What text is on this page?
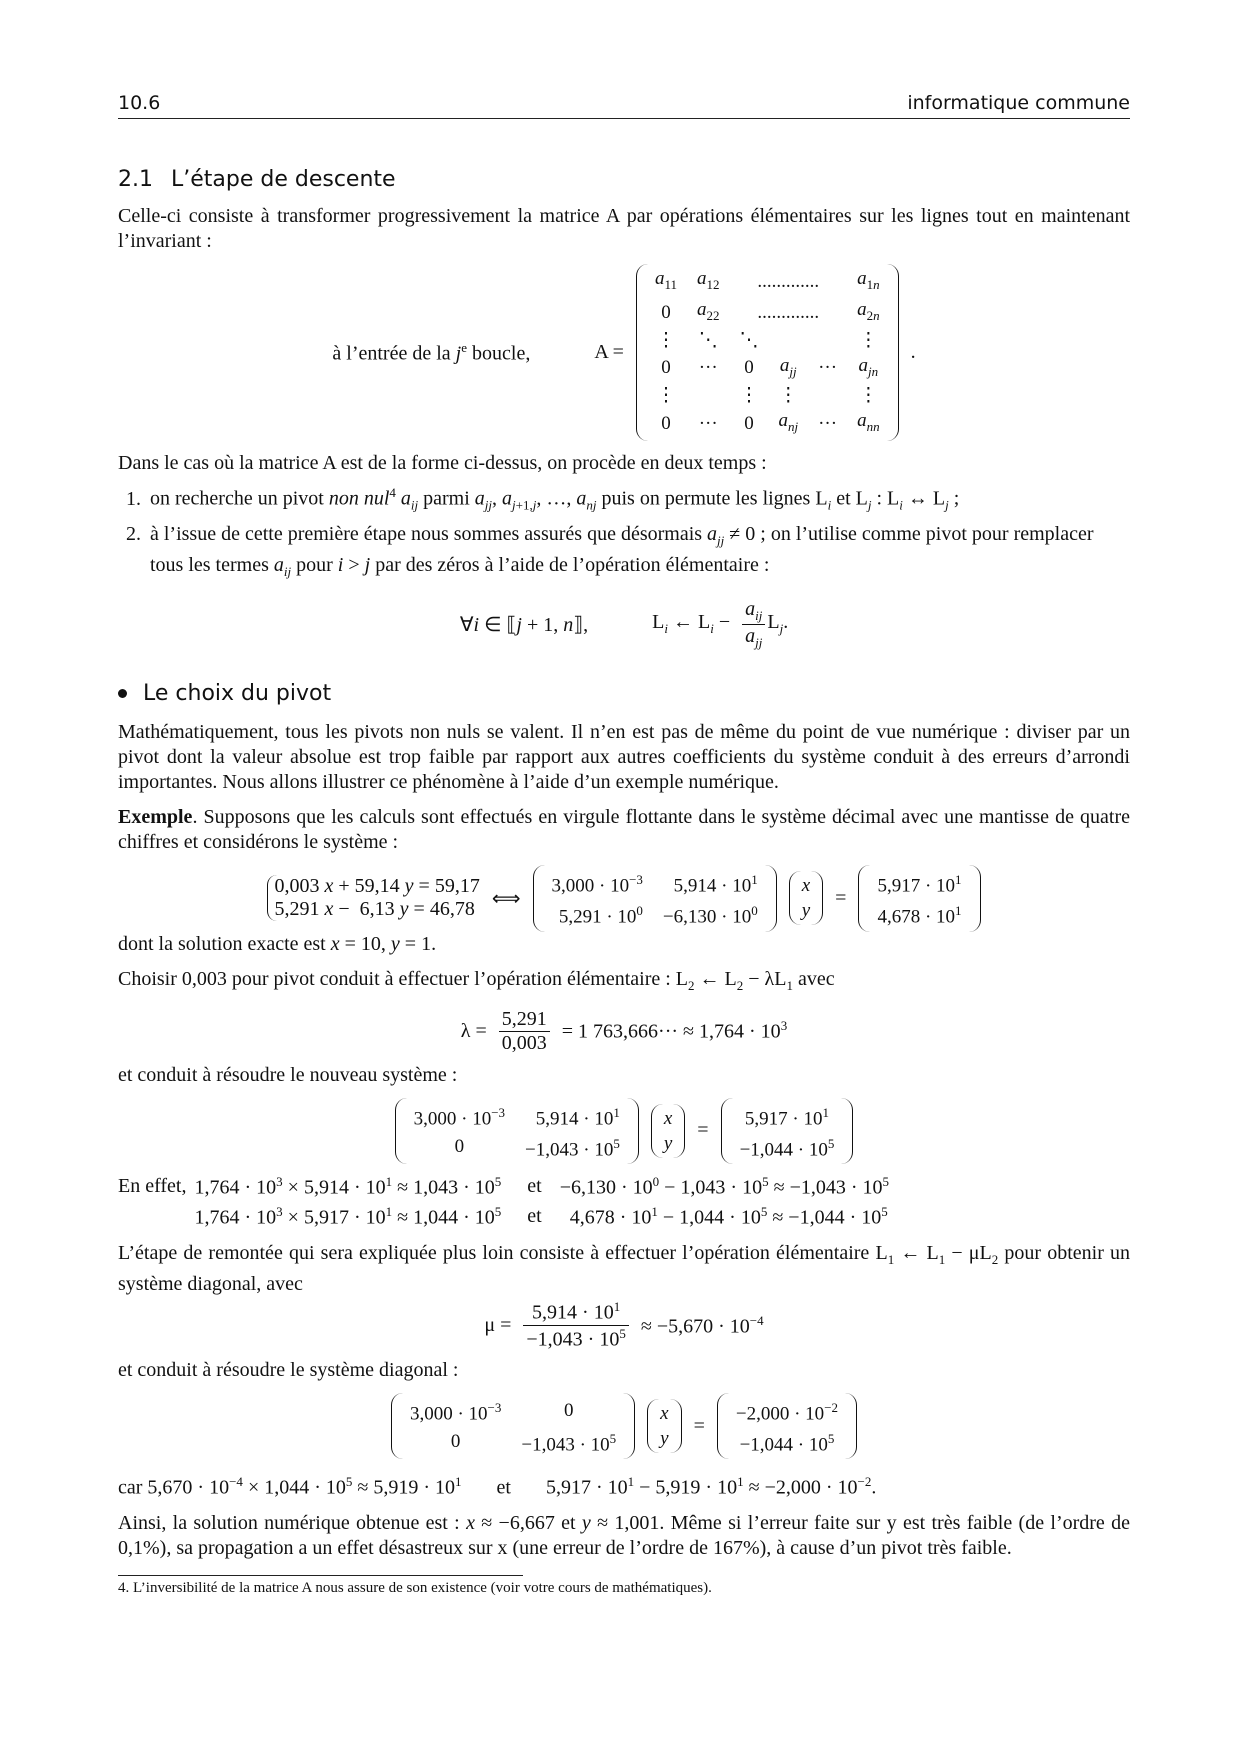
10.6	informatique commune
2.1 L’étape de descente

Celle-ci consiste à transformer progressivement la matrice A par opérations élémentaires sur les lignes tout en maintenant l’invariant :

à l’entrée de la $j^e$ boucle,	A =
$a_{11}$	$a_{12}$	.............			$a_{1n}$
0	$a_{22}$	.............			$a_{2n}$
⋮	⋱	⋱			⋮
0	···	0	$a_{jj}$	···	$a_{jn}$
⋮		⋮	⋮		⋮
0	···	0	$a_{nj}$	···	$a_{nn}$
.

Dans le cas où la matrice A est de la forme ci-dessus, on procède en deux temps :

1. on recherche un pivot non nul$^4$ $a_{ij}$ parmi $a_{jj}$, $a_{j+1,j}$, …, $a_{nj}$ puis on permute les lignes $L_i$ et $L_j$ : $L_i$ ↔ $L_j$ ;
2. à l’issue de cette première étape nous sommes assurés que désormais $a_{jj} \ne 0$ ; on l’utilise comme pivot pour remplacer tous les termes $a_{ij}$ pour i > j par des zéros à l’aide de l’opération élémentaire :
∀i ∈ ⟦j + 1, n⟧,	$L_i$ ← $L_i - \frac{a_{ij}}{a_{jj}} L_j$.
Le choix du pivot

Mathématiquement, tous les pivots non nuls se valent. Il n’en est pas de même du point de vue numérique : diviser par un pivot dont la valeur absolue est trop faible par rapport aux autres coefficients du système conduit à des erreurs d’arrondi importantes. Nous allons illustrer ce phénomène à l’aide d’un exemple numérique.

Exemple. Supposons que les calculs sont effectués en virgule flottante dans le système décimal avec une mantisse de quatre chiffres et considérons le système :

0,003 x + 59,14 y = 59,17
5,291 x −  6,13 y = 46,78 ⟺
$3,000 \cdot 10^{-3}$	$5,914 \cdot 10^1$
$5,291 \cdot 10^0$	$-6,130 \cdot 10^0$
x
y
=
$5,917 \cdot 10^1$
$4,678 \cdot 10^1$

dont la solution exacte est x = 10, y = 1.

Choisir 0,003 pour pivot conduit à effectuer l’opération élémentaire : $L_2$ ← $L_2 - \lambda L_1$ avec

$\lambda = \frac{5,291}{0,003} = 1$ $763,666\cdot\cdot\cdot \approx 1,764 \cdot 10^3$

et conduit à résoudre le nouveau système :

$3,000 \cdot 10^{-3}$	$5,914 \cdot 10^1$
0	$-1,043 \cdot 10^5$
x
y
=
$5,917 \cdot 10^1$
$-1,044 \cdot 10^5$
En effet,	$1,764 \cdot 10^3 \times 5,914 \cdot 10^1 \approx 1,043 \cdot 10^5$	et	$-6,130 \cdot 10^0 - 1,043 \cdot 10^5 \approx -1,043 \cdot 10^5$
	$1,764 \cdot 10^3 \times 5,917 \cdot 10^1 \approx 1,044 \cdot 10^5$	et	$4,678 \cdot 10^1 - 1,044 \cdot 10^5 \approx -1,044 \cdot 10^5$

L’étape de remontée qui sera expliquée plus loin consiste à effectuer l’opération élémentaire $L_1$ ← $L_1 - \mu L_2$ pour obtenir un système diagonal, avec

$\mu = \frac{5,914 \cdot 10^1}{-1,043 \cdot 10^5} \approx -5,670 \cdot 10^{-4}$

et conduit à résoudre le système diagonal :

$3,000 \cdot 10^{-3}$	0
0	$-1,043 \cdot 10^5$
x
y
=
$-2,000 \cdot 10^{-2}$
$-1,044 \cdot 10^5$

car $5,670 \cdot 10^{-4} \times 1,044 \cdot 10^5 \approx 5,919 \cdot 10^1$ et $5,917 \cdot 10^1 - 5,919 \cdot 10^1 \approx -2,000 \cdot 10^{-2}$.

Ainsi, la solution numérique obtenue est : x ≈ −6,667 et y ≈ 1,001. Même si l’erreur faite sur y est très faible (de l’ordre de 0,1%), sa propagation a un effet désastreux sur x (une erreur de l’ordre de 167%), à cause d’un pivot très faible.

4. L’inversibilité de la matrice A nous assure de son existence (voir votre cours de mathématiques).
